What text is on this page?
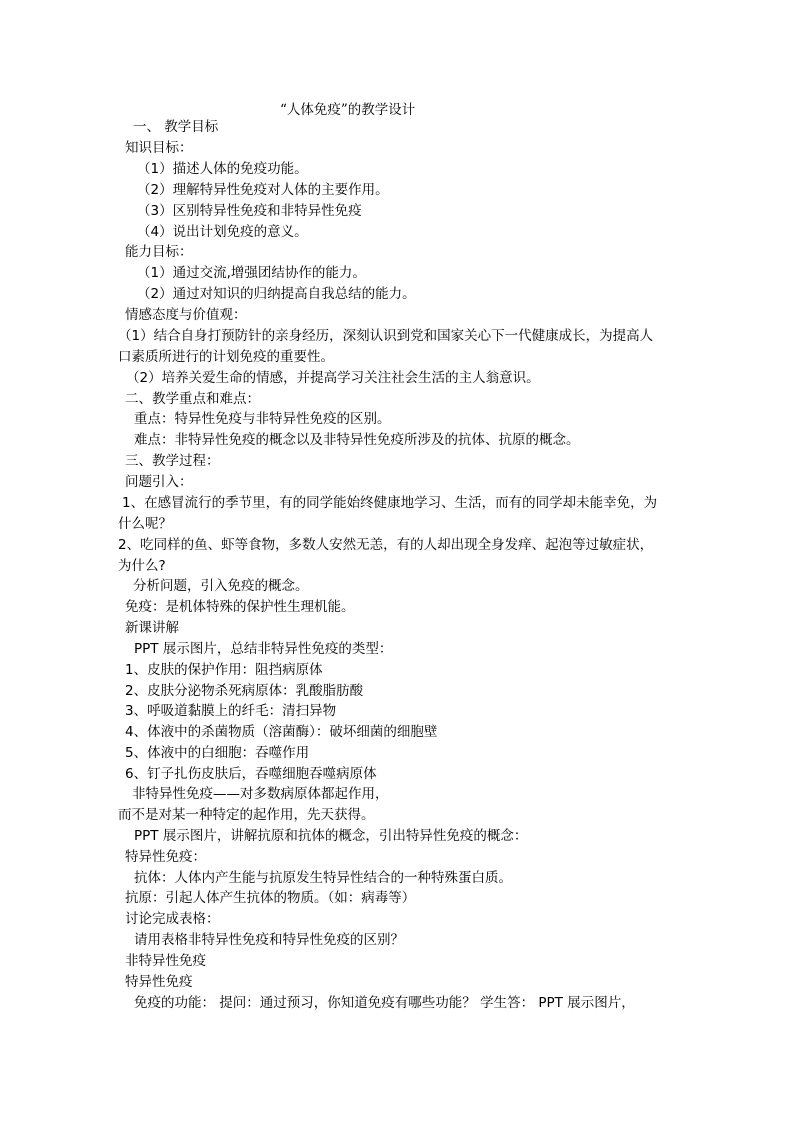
“人体免疫”的教学设计
一、 教学目标
知识目标：
（1）描述人体的免疫功能。
（2）理解特异性免疫对人体的主要作用。
（3）区别特异性免疫和非特异性免疫
（4）说出计划免疫的意义。
能力目标：
（1）通过交流,增强团结协作的能力。
（2）通过对知识的归纳提高自我总结的能力。
情感态度与价值观：
（1）结合自身打预防针的亲身经历，深刻认识到党和国家关心下一代健康成长，为提高人
口素质所进行的计划免疫的重要性。
（2）培养关爱生命的情感，并提高学习关注社会生活的主人翁意识。
二、教学重点和难点：
重点：特异性免疫与非特异性免疫的区别。
难点：非特异性免疫的概念以及非特异性免疫所涉及的抗体、抗原的概念。
三、教学过程：
问题引入：
1、在感冒流行的季节里，有的同学能始终健康地学习、生活，而有的同学却未能幸免，为
什么呢？
2、吃同样的鱼、虾等食物，多数人安然无恙，有的人却出现全身发痒、起泡等过敏症状，
为什么?
分析问题，引入免疫的概念。
免疫：是机体特殊的保护性生理机能。
新课讲解
PPT 展示图片，总结非特异性免疫的类型：
1、皮肤的保护作用：阻挡病原体
2、皮肤分泌物杀死病原体：乳酸脂肪酸
3、呼吸道黏膜上的纤毛：清扫异物
4、体液中的杀菌物质（溶菌酶）：破坏细菌的细胞壁
5、体液中的白细胞：吞噬作用
6、钉子扎伤皮肤后，吞噬细胞吞噬病原体
非特异性免疫——对多数病原体都起作用，
而不是对某一种特定的起作用，先天获得。
PPT 展示图片，讲解抗原和抗体的概念，引出特异性免疫的概念：
特异性免疫：
抗体：人体内产生能与抗原发生特异性结合的一种特殊蛋白质。
抗原：引起人体产生抗体的物质。（如：病毒等）
讨论完成表格：
请用表格非特异性免疫和特异性免疫的区别？
非特异性免疫
特异性免疫
免疫的功能： 提问：通过预习，你知道免疫有哪些功能？ 学生答： PPT 展示图片，
